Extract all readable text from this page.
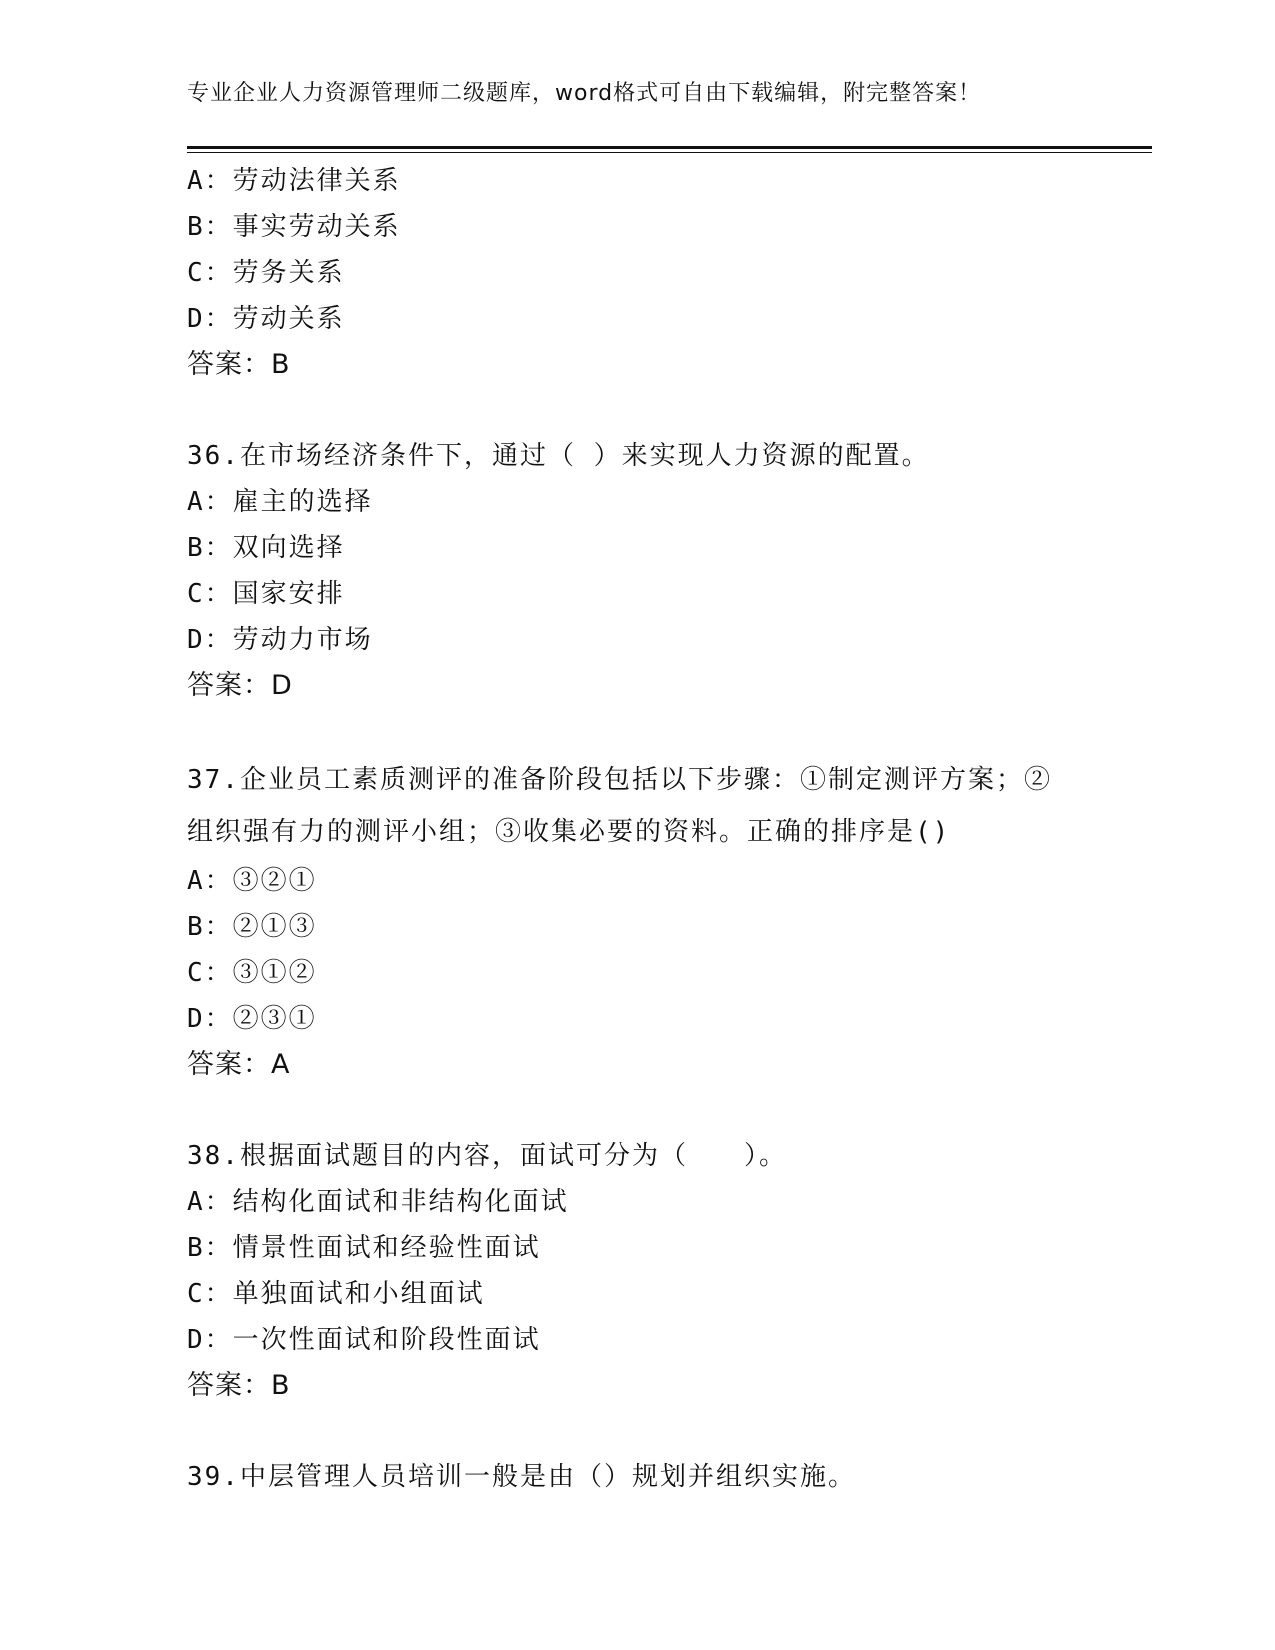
专业企业人力资源管理师二级题库，word格式可自由下载编辑，附完整答案！
A：劳动法律关系
B：事实劳动关系
C：劳务关系
D：劳动关系
答案：B
36.在市场经济条件下，通过（ ）来实现人力资源的配置。
A：雇主的选择
B：双向选择
C：国家安排
D：劳动力市场
答案：D
37.企业员工素质测评的准备阶段包括以下步骤：①制定测评方案；②
组织强有力的测评小组；③收集必要的资料。正确的排序是()
A：③②①
B：②①③
C：③①②
D：②③①
答案：A
38.根据面试题目的内容，面试可分为（　　）。
A：结构化面试和非结构化面试
B：情景性面试和经验性面试
C：单独面试和小组面试
D：一次性面试和阶段性面试
答案：B
39.中层管理人员培训一般是由（）规划并组织实施。
